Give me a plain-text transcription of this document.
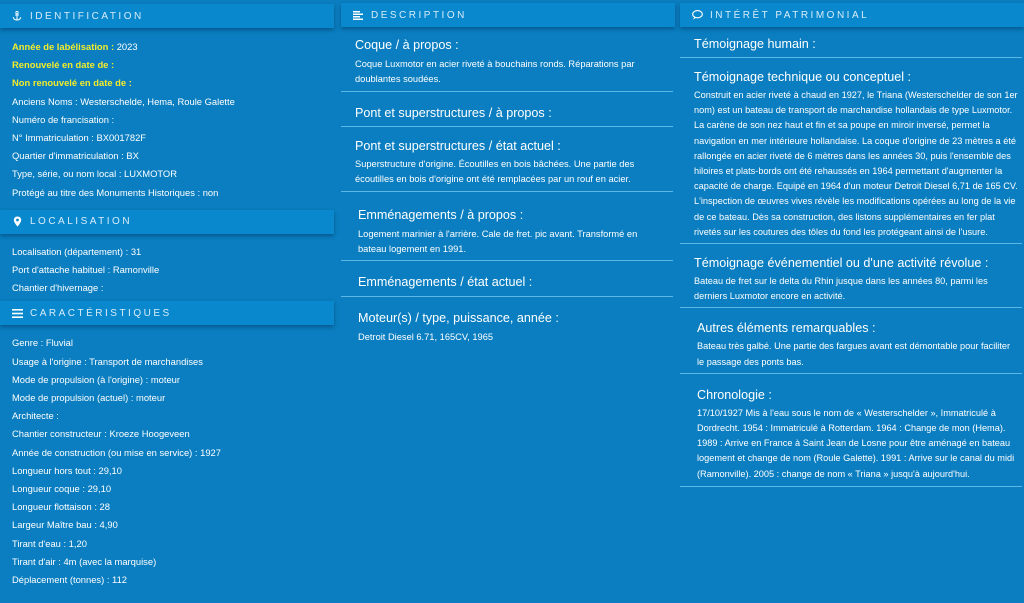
IDENTIFICATION
Année de labélisation : 2023
Renouvelé en date de :
Non renouvelé en date de :
Anciens Noms : Westerschelde, Hema, Roule Galette
Numéro de francisation :
N° Immatriculation : BX001782F
Quartier d'immatriculation : BX
Type, série, ou nom local : LUXMOTOR
Protégé au titre des Monuments Historiques : non
LOCALISATION
Localisation (département) : 31
Port d'attache habituel : Ramonville
Chantier d'hivernage :
CARACTÉRISTIQUES
Genre : Fluvial
Usage à l'origine : Transport de marchandises
Mode de propulsion (à l'origine) : moteur
Mode de propulsion (actuel) : moteur
Architecte :
Chantier constructeur : Kroeze Hoogeveen
Année de construction (ou mise en service) : 1927
Longueur hors tout : 29,10
Longueur coque : 29,10
Longueur flottaison : 28
Largeur Maître bau : 4,90
Tirant d'eau : 1,20
Tirant d'air : 4m (avec la marquise)
Déplacement (tonnes) : 112
DESCRIPTION
Coque / à propos :
Coque Luxmotor en acier riveté à bouchains ronds. Réparations par doublantes soudées.
Pont et superstructures / à propos :
Pont et superstructures / état actuel :
Superstructure d'origine. Écoutilles en bois bâchées. Une partie des écoutilles en bois d'origine ont été remplacées par un rouf en acier.
Emménagements / à propos :
Logement marinier à l'arrière. Cale de fret. pic avant. Transformé en bateau logement en 1991.
Emménagements / état actuel :
Moteur(s) / type, puissance, année :
Detroit Diesel 6.71, 165CV, 1965
INTÉRÊT PATRIMONIAL
Témoignage humain :
Témoignage technique ou conceptuel :
Construit en acier riveté à chaud en 1927, le Triana (Westerschelder de son 1er nom) est un bateau de transport de marchandise hollandais de type Luxmotor. La carène de son nez haut et fin et sa poupe en miroir inversé, permet la navigation en mer intérieure hollandaise. La coque d'origine de 23 mètres a été rallongée en acier riveté de 6 mètres dans les années 30, puis l'ensemble des hiloires et plats-bords ont été rehaussés en 1964 permettant d'augmenter la capacité de charge. Equipé en 1964 d'un moteur Detroit Diesel 6,71 de 165 CV. L'inspection de œuvres vives révèle les modifications opérées au long de la vie de ce bateau. Dès sa construction, des listons supplémentaires en fer plat rivetés sur les coutures des tôles du fond les protégeant ainsi de l'usure.
Témoignage événementiel ou d'une activité révolue :
Bateau de fret sur le delta du Rhin jusque dans les années 80, parmi les derniers Luxmotor encore en activité.
Autres éléments remarquables :
Bateau très galbé. Une partie des fargues avant est démontable pour faciliter le passage des ponts bas.
Chronologie :
17/10/1927 Mis à l'eau sous le nom de « Westerschelder », Immatriculé à Dordrecht. 1954 : Immatriculé à Rotterdam. 1964 : Change de mon (Hema). 1989 : Arrive en France à Saint Jean de Losne pour être aménagé en bateau logement et change de nom (Roule Galette). 1991 : Arrive sur le canal du midi (Ramonville). 2005 : change de nom « Triana » jusqu'à aujourd'hui.
